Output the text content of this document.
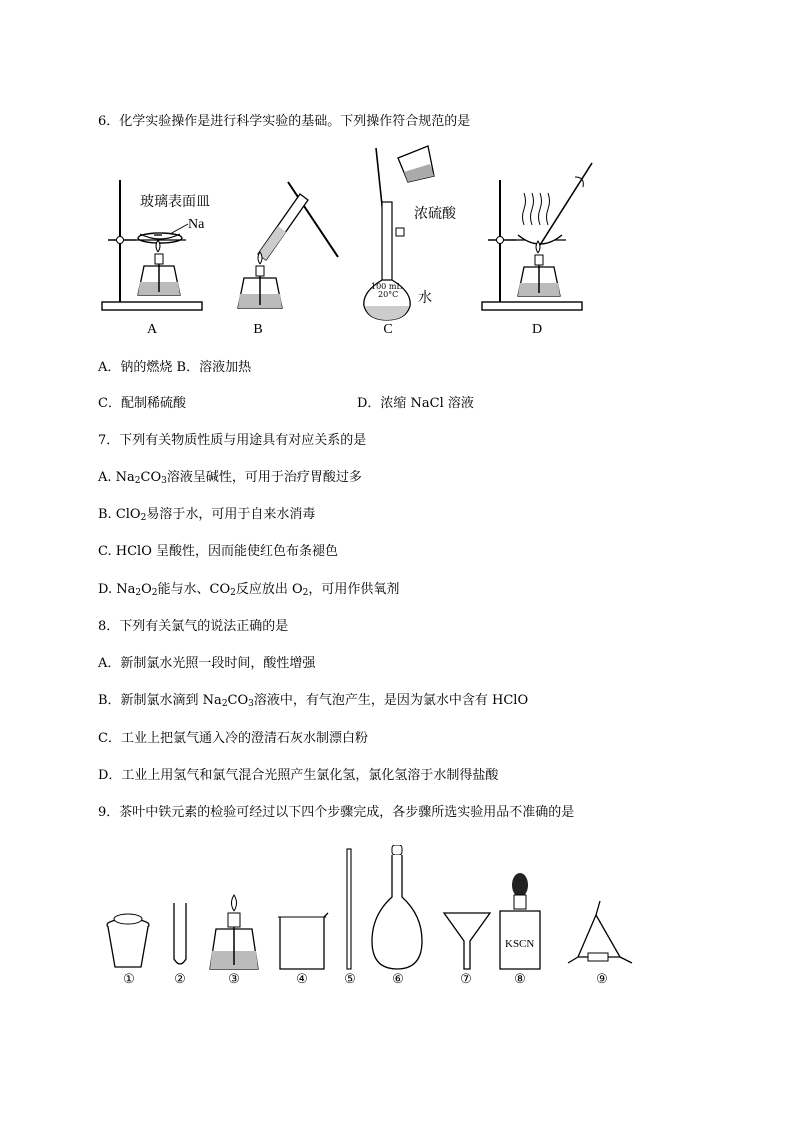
6．化学实验操作是进行科学实验的基础。下列操作符合规范的是
玻璃表面皿
Na
浓硫酸
100 mL
20°C 水
A	B	C	D
A．钠的燃烧 B．溶液加热
C．配制稀硫酸	D．浓缩 NaCl 溶液
7．下列有关物质性质与用途具有对应关系的是
A. $Na_2CO_3$溶液呈碱性，可用于治疗胃酸过多
B. ClO$_2$易溶于水，可用于自来水消毒
C. HClO 呈酸性，因而能使红色布条褪色
D. $Na_2O_2$能与水、$CO_2$反应放出 $O_2$，可用作供氧剂
8．下列有关氯气的说法正确的是
A．新制氯水光照一段时间，酸性增强
B．新制氯水滴到 $Na_2CO_3$溶液中，有气泡产生，是因为氯水中含有 HClO
C．工业上把氯气通入冷的澄清石灰水制漂白粉
D．工业上用氢气和氯气混合光照产生氯化氢，氯化氢溶于水制得盐酸
9．茶叶中铁元素的检验可经过以下四个步骤完成，各步骤所选实验用品不准确的是
KSCN
①	②	③	④	⑤	⑥	⑦	⑧	⑨
